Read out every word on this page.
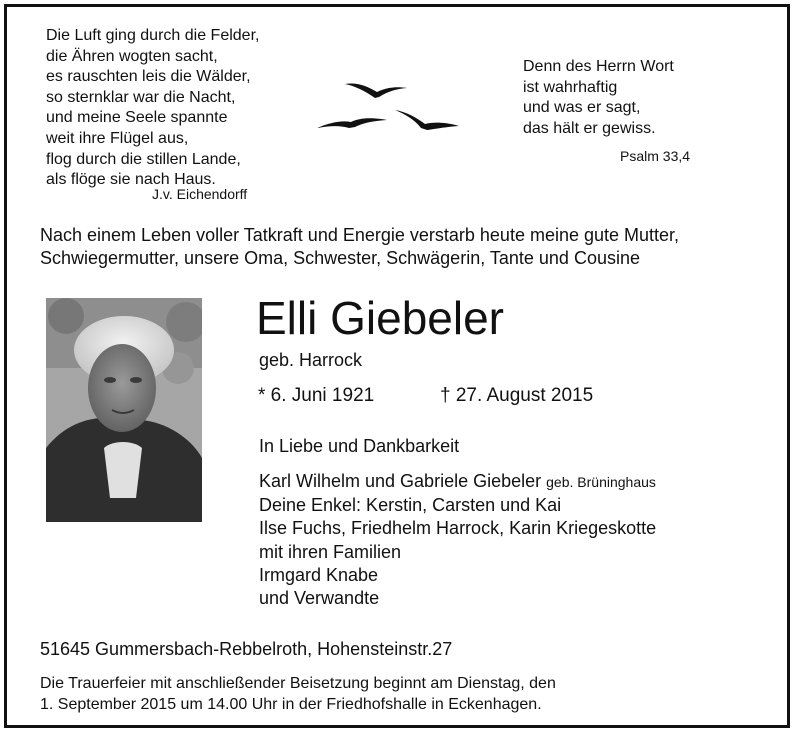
Die Luft ging durch die Felder,
die Ähren wogten sacht,
es rauschten leis die Wälder,
so sternklar war die Nacht,
und meine Seele spannte
weit ihre Flügel aus,
flog durch die stillen Lande,
als flöge sie nach Haus.
J.v. Eichendorff
Denn des Herrn Wort
ist wahrhaftig
und was er sagt,
das hält er gewiss.
Psalm 33,4
Nach einem Leben voller Tatkraft und Energie verstarb heute meine gute Mutter,
Schwiegermutter, unsere Oma, Schwester, Schwägerin, Tante und Cousine
Elli Giebeler
geb. Harrock
* 6. Juni 1921	† 27. August 2015
In Liebe und Dankbarkeit
Karl Wilhelm und Gabriele Giebeler geb. Brüninghaus
Deine Enkel: Kerstin, Carsten und Kai
Ilse Fuchs, Friedhelm Harrock, Karin Kriegeskotte
mit ihren Familien
Irmgard Knabe
und Verwandte
51645 Gummersbach-Rebbelroth, Hohensteinstr.27
Die Trauerfeier mit anschließender Beisetzung beginnt am Dienstag, den
1. September 2015 um 14.00 Uhr in der Friedhofshalle in Eckenhagen.
